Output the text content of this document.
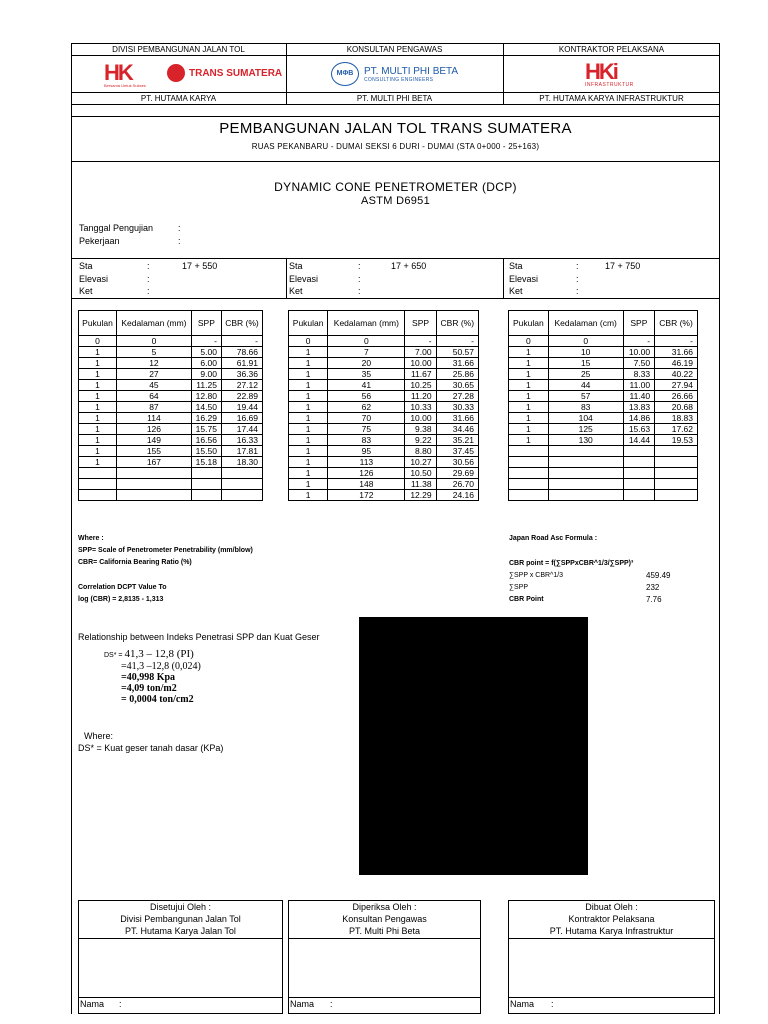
DIVISI PEMBANGUNAN JALAN TOL	KONSULTAN PENGAWAS	KONTRAKTOR PELAKSANA
HK
Bersama Untuk Sukses
TRANS SUMATERA	MΦB	PT. MULTI PHI BETA
CONSULTING ENGINEERS	HKi
INFRASTRUKTUR
PT. HUTAMA KARYA	PT. MULTI PHI BETA	PT. HUTAMA KARYA INFRASTRUKTUR
PEMBANGUNAN JALAN TOL TRANS SUMATERA
RUAS PEKANBARU - DUMAI SEKSI 6 DURI - DUMAI (STA 0+000 - 25+163)
DYNAMIC CONE PENETROMETER (DCP)
ASTM D6951
Tanggal Pengujian	:
Pekerjaan	:
Sta	:	17 + 550
Elevasi	:
Ket	:
Sta	:	17 + 650
Elevasi	:
Ket	:
Sta	:	17 + 750
Elevasi	:
Ket	:
Pukulan	Kedalaman (mm)	SPP	CBR (%)
0	0	-	-
1	5	5.00	78.66
1	12	6.00	61.91
1	27	9.00	36.36
1	45	11.25	27.12
1	64	12.80	22.89
1	87	14.50	19.44
1	114	16.29	16.69
1	126	15.75	17.44
1	149	16.56	16.33
1	155	15.50	17.81
1	167	15.18	18.30

Pukulan	Kedalaman (mm)	SPP	CBR (%)
0	0	-	-
1	7	7.00	50.57
1	20	10.00	31.66
1	35	11.67	25.86
1	41	10.25	30.65
1	56	11.20	27.28
1	62	10.33	30.33
1	70	10.00	31.66
1	75	9.38	34.46
1	83	9.22	35.21
1	95	8.80	37.45
1	113	10.27	30.56
1	126	10.50	29.69
1	148	11.38	26.70
1	172	12.29	24.16
Pukulan	Kedalaman (cm)	SPP	CBR (%)
0	0	-	-
1	10	10.00	31.66
1	15	7.50	46.19
1	25	8.33	40.22
1	44	11.00	27.94
1	57	11.40	26.66
1	83	13.83	20.68
1	104	14.86	18.83
1	125	15.63	17.62
1	130	14.44	19.53

Where :
SPP= Scale of Penetrometer Penetrability (mm/blow)
CBR= California Bearing Ratio (%)
Correlation DCPT Value To
log (CBR) = 2,8135 - 1,313
Japan Road Asc Formula :
CBR point = f(∑SPPxCBR^1/3/∑SPP)³
∑SPP x CBR^1/3	459.49
∑SPP	232
CBR Point	7.76
Relationship between Indeks Penetrasi SPP dan Kuat Geser
DS* = 41,3 – 12,8 (PI)
=41,3 –12,8 (0,024)
=40,998 Kpa
=4,09 ton/m2
= 0,0004 ton/cm2
Where:
DS* = Kuat geser tanah dasar (KPa)
Disetujui Oleh :
Divisi Pembangunan Jalan Tol
PT. Hutama Karya Jalan Tol
Diperiksa Oleh :
Konsultan Pengawas
PT. Multi Phi Beta
Dibuat Oleh :
Kontraktor Pelaksana
PT. Hutama Karya Infrastruktur
Nama :	Nama :	Nama :
